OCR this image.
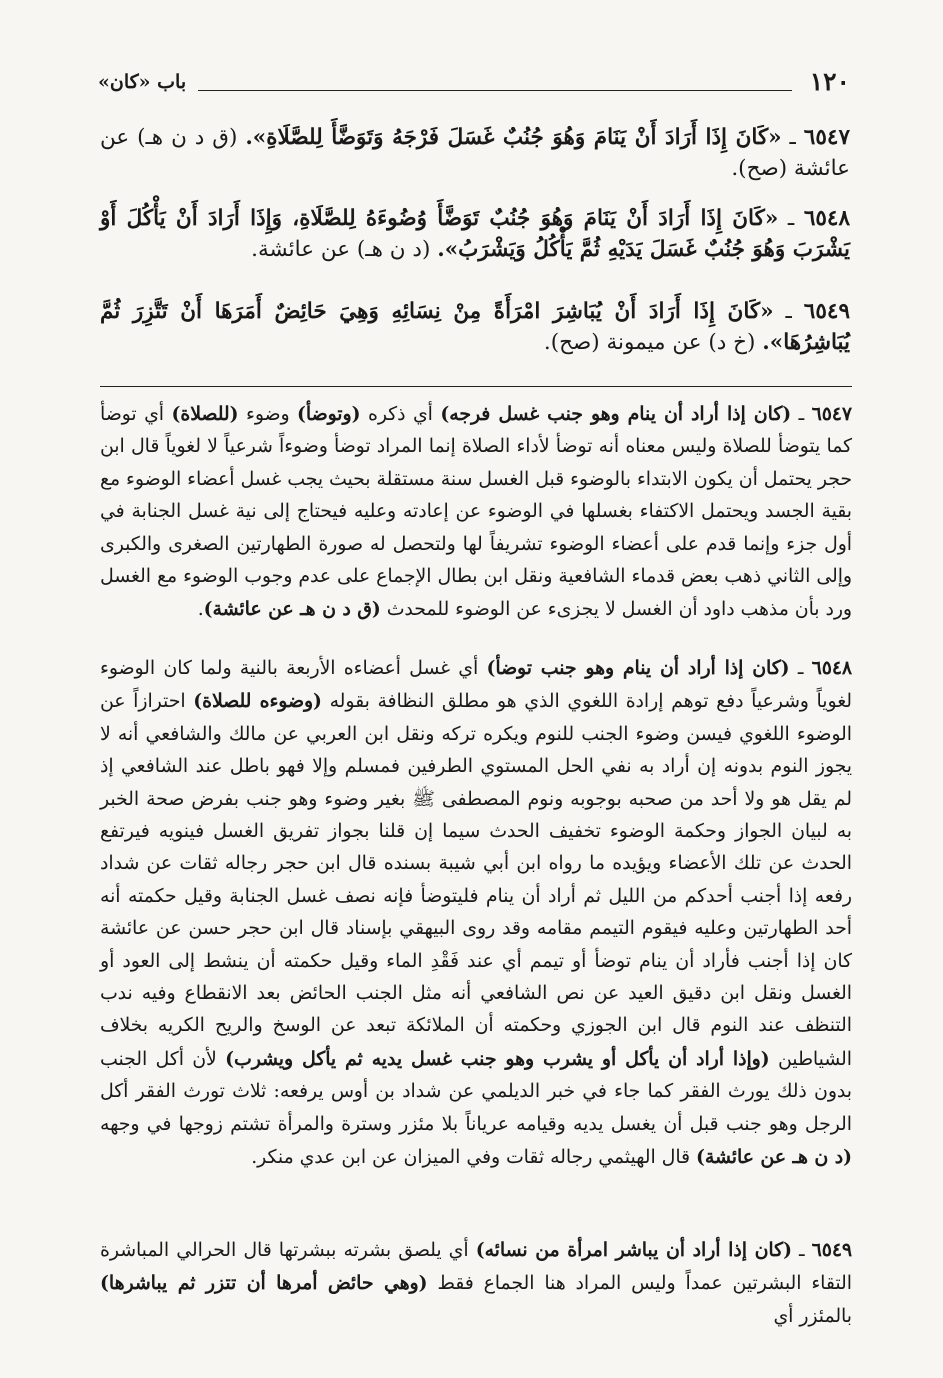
١٢٠
باب «كان»

٦٥٤٧ ـ «كَانَ إِذَا أَرَادَ أَنْ يَنَامَ وَهُوَ جُنُبٌ غَسَلَ فَرْجَهُ وَتَوَضَّأَ لِلصَّلَاةِ». (ق د ن هـ) عن عائشة (صح).

٦٥٤٨ ـ «كَانَ إِذَا أَرَادَ أَنْ يَنَامَ وَهُوَ جُنُبٌ تَوَضَّأَ وُضُوءَهُ لِلصَّلَاةِ، وَإِذَا أَرَادَ أَنْ يَأْكُلَ أَوْ يَشْرَبَ وَهُوَ جُنُبٌ غَسَلَ يَدَيْهِ ثُمَّ يَأْكُلُ وَيَشْرَبُ». (د ن هـ) عن عائشة.

٦٥٤٩ ـ «كَانَ إِذَا أَرَادَ أَنْ يُبَاشِرَ امْرَأَةً مِنْ نِسَائِهِ وَهِيَ حَائِضٌ أَمَرَهَا أَنْ تَتَّزِرَ ثُمَّ يُبَاشِرُهَا». (خ د) عن ميمونة (صح).

٦٥٤٧ ـ (كان إذا أراد أن ينام وهو جنب غسل فرجه) أي ذكره (وتوضأ) وضوء (للصلاة) أي توضأ كما يتوضأ للصلاة وليس معناه أنه توضأ لأداء الصلاة إنما المراد توضأ وضوءاً شرعياً لا لغوياً قال ابن حجر يحتمل أن يكون الابتداء بالوضوء قبل الغسل سنة مستقلة بحيث يجب غسل أعضاء الوضوء مع بقية الجسد ويحتمل الاكتفاء بغسلها في الوضوء عن إعادته وعليه فيحتاج إلى نية غسل الجنابة في أول جزء وإنما قدم على أعضاء الوضوء تشريفاً لها ولتحصل له صورة الطهارتين الصغرى والكبرى وإلى الثاني ذهب بعض قدماء الشافعية ونقل ابن بطال الإجماع على عدم وجوب الوضوء مع الغسل ورد بأن مذهب داود أن الغسل لا يجزىء عن الوضوء للمحدث (ق د ن هـ عن عائشة).

٦٥٤٨ ـ (كان إذا أراد أن ينام وهو جنب توضأ) أي غسل أعضاءه الأربعة بالنية ولما كان الوضوء لغوياً وشرعياً دفع توهم إرادة اللغوي الذي هو مطلق النظافة بقوله (وضوءه للصلاة) احترازاً عن الوضوء اللغوي فيسن وضوء الجنب للنوم ويكره تركه ونقل ابن العربي عن مالك والشافعي أنه لا يجوز النوم بدونه إن أراد به نفي الحل المستوي الطرفين فمسلم وإلا فهو باطل عند الشافعي إذ لم يقل هو ولا أحد من صحبه بوجوبه ونوم المصطفى ﷺ بغير وضوء وهو جنب بفرض صحة الخبر به لبيان الجواز وحكمة الوضوء تخفيف الحدث سيما إن قلنا بجواز تفريق الغسل فينويه فيرتفع الحدث عن تلك الأعضاء ويؤيده ما رواه ابن أبي شيبة بسنده قال ابن حجر رجاله ثقات عن شداد رفعه إذا أجنب أحدكم من الليل ثم أراد أن ينام فليتوضأ فإنه نصف غسل الجنابة وقيل حكمته أنه أحد الطهارتين وعليه فيقوم التيمم مقامه وقد روى البيهقي بإسناد قال ابن حجر حسن عن عائشة كان إذا أجنب فأراد أن ينام توضأ أو تيمم أي عند فَقْدِ الماء وقيل حكمته أن ينشط إلى العود أو الغسل ونقل ابن دقيق العيد عن نص الشافعي أنه مثل الجنب الحائض بعد الانقطاع وفيه ندب التنظف عند النوم قال ابن الجوزي وحكمته أن الملائكة تبعد عن الوسخ والريح الكريه بخلاف الشياطين (وإذا أراد أن يأكل أو يشرب وهو جنب غسل يديه ثم يأكل ويشرب) لأن أكل الجنب بدون ذلك يورث الفقر كما جاء في خبر الديلمي عن شداد بن أوس يرفعه: ثلاث تورث الفقر أكل الرجل وهو جنب قبل أن يغسل يديه وقيامه عرياناً بلا مئزر وسترة والمرأة تشتم زوجها في وجهه (د ن هـ عن عائشة) قال الهيثمي رجاله ثقات وفي الميزان عن ابن عدي منكر.

٦٥٤٩ ـ (كان إذا أراد أن يباشر امرأة من نسائه) أي يلصق بشرته ببشرتها قال الحرالي المباشرة التقاء البشرتين عمداً وليس المراد هنا الجماع فقط (وهي حائض أمرها أن تتزر ثم يباشرها) بالمئزر أي
